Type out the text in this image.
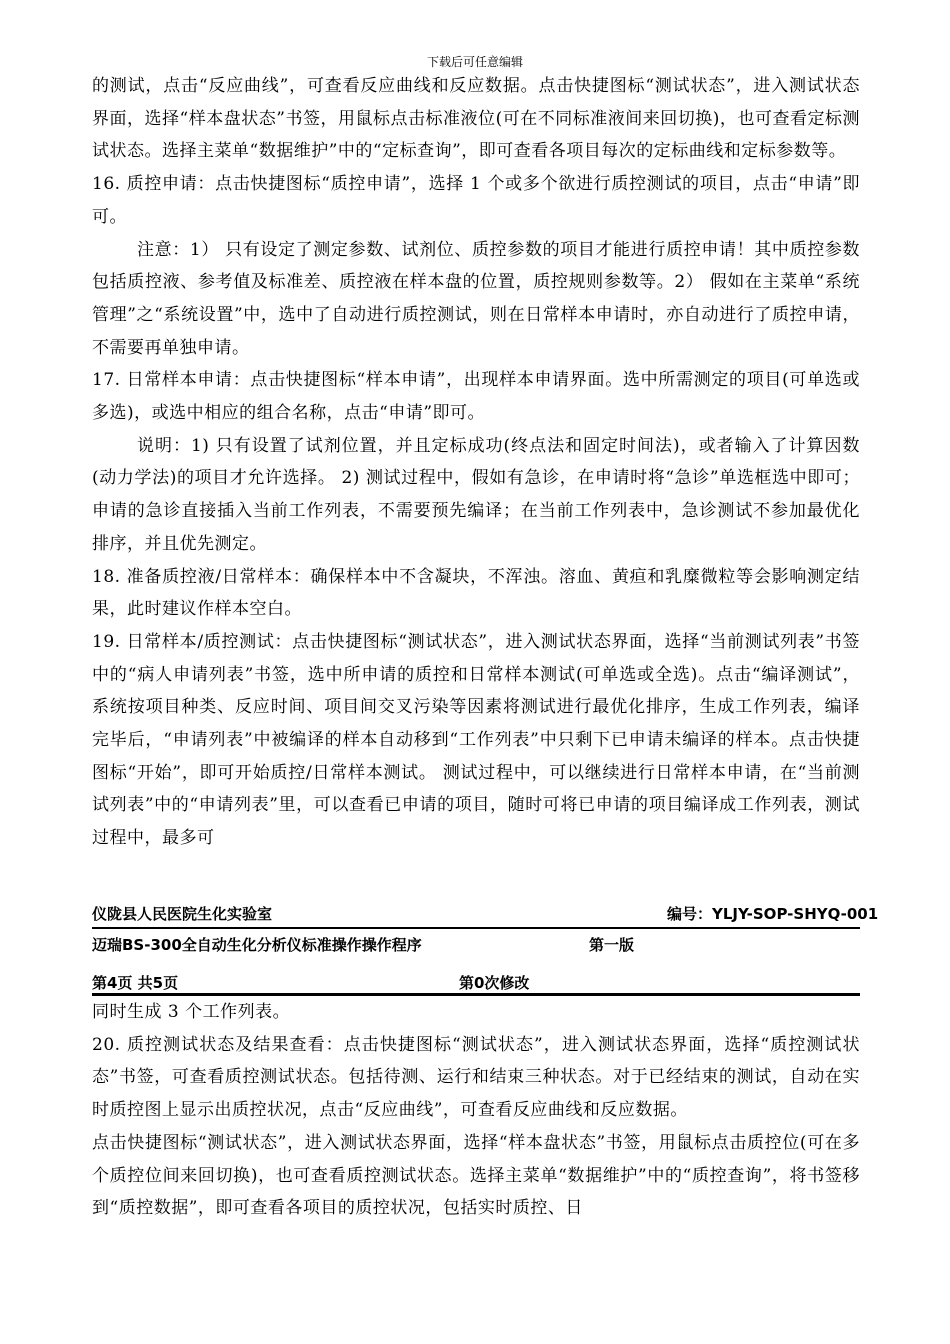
下载后可任意编辑

的测试，点击“反应曲线”，可查看反应曲线和反应数据。点击快捷图标“测试状态”，进入测试状态界面，选择“样本盘状态”书签，用鼠标点击标准液位(可在不同标准液间来回切换)，也可查看定标测试状态。选择主菜单“数据维护”中的“定标查询”，即可查看各项目每次的定标曲线和定标参数等。

16. 质控申请：点击快捷图标“质控申请”，选择 1 个或多个欲进行质控测试的项目，点击“申请”即可。

注意：1） 只有设定了测定参数、试剂位、质控参数的项目才能进行质控申请！其中质控参数包括质控液、参考值及标准差、质控液在样本盘的位置，质控规则参数等。2） 假如在主菜单“系统管理”之“系统设置”中，选中了自动进行质控测试，则在日常样本申请时，亦自动进行了质控申请，不需要再单独申请。

17. 日常样本申请：点击快捷图标“样本申请”，出现样本申请界面。选中所需测定的项目(可单选或多选)，或选中相应的组合名称，点击“申请”即可。

说明：1) 只有设置了试剂位置，并且定标成功(终点法和固定时间法)，或者输入了计算因数(动力学法)的项目才允许选择。 2) 测试过程中，假如有急诊，在申请时将“急诊”单选框选中即可；申请的急诊直接插入当前工作列表，不需要预先编译；在当前工作列表中，急诊测试不参加最优化排序，并且优先测定。

18. 准备质控液/日常样本：确保样本中不含凝块，不浑浊。溶血、黄疸和乳糜微粒等会影响测定结果，此时建议作样本空白。

19. 日常样本/质控测试：点击快捷图标“测试状态”，进入测试状态界面，选择“当前测试列表”书签中的“病人申请列表”书签，选中所申请的质控和日常样本测试(可单选或全选)。点击“编译测试”，系统按项目种类、反应时间、项目间交叉污染等因素将测试进行最优化排序，生成工作列表，编译完毕后，“申请列表”中被编译的样本自动移到“工作列表”中只剩下已申请未编译的样本。点击快捷图标“开始”，即可开始质控/日常样本测试。 测试过程中，可以继续进行日常样本申请，在“当前测试列表”中的“申请列表”里，可以查看已申请的项目，随时可将已申请的项目编译成工作列表，测试过程中，最多可

仪陇县人民医院生化实验室	编号：YLJY-SOP-SHYQ-001
迈瑞BS-300全自动生化分析仪标准操作操作程序	第一版
第4页 共5页	第0次修改

同时生成 3 个工作列表。

20. 质控测试状态及结果查看：点击快捷图标“测试状态”，进入测试状态界面，选择“质控测试状态”书签，可查看质控测试状态。包括待测、运行和结束三种状态。对于已经结束的测试，自动在实时质控图上显示出质控状况，点击“反应曲线”，可查看反应曲线和反应数据。

点击快捷图标“测试状态”，进入测试状态界面，选择“样本盘状态”书签，用鼠标点击质控位(可在多个质控位间来回切换)，也可查看质控测试状态。选择主菜单“数据维护”中的“质控查询”，将书签移到“质控数据”，即可查看各项目的质控状况，包括实时质控、日
